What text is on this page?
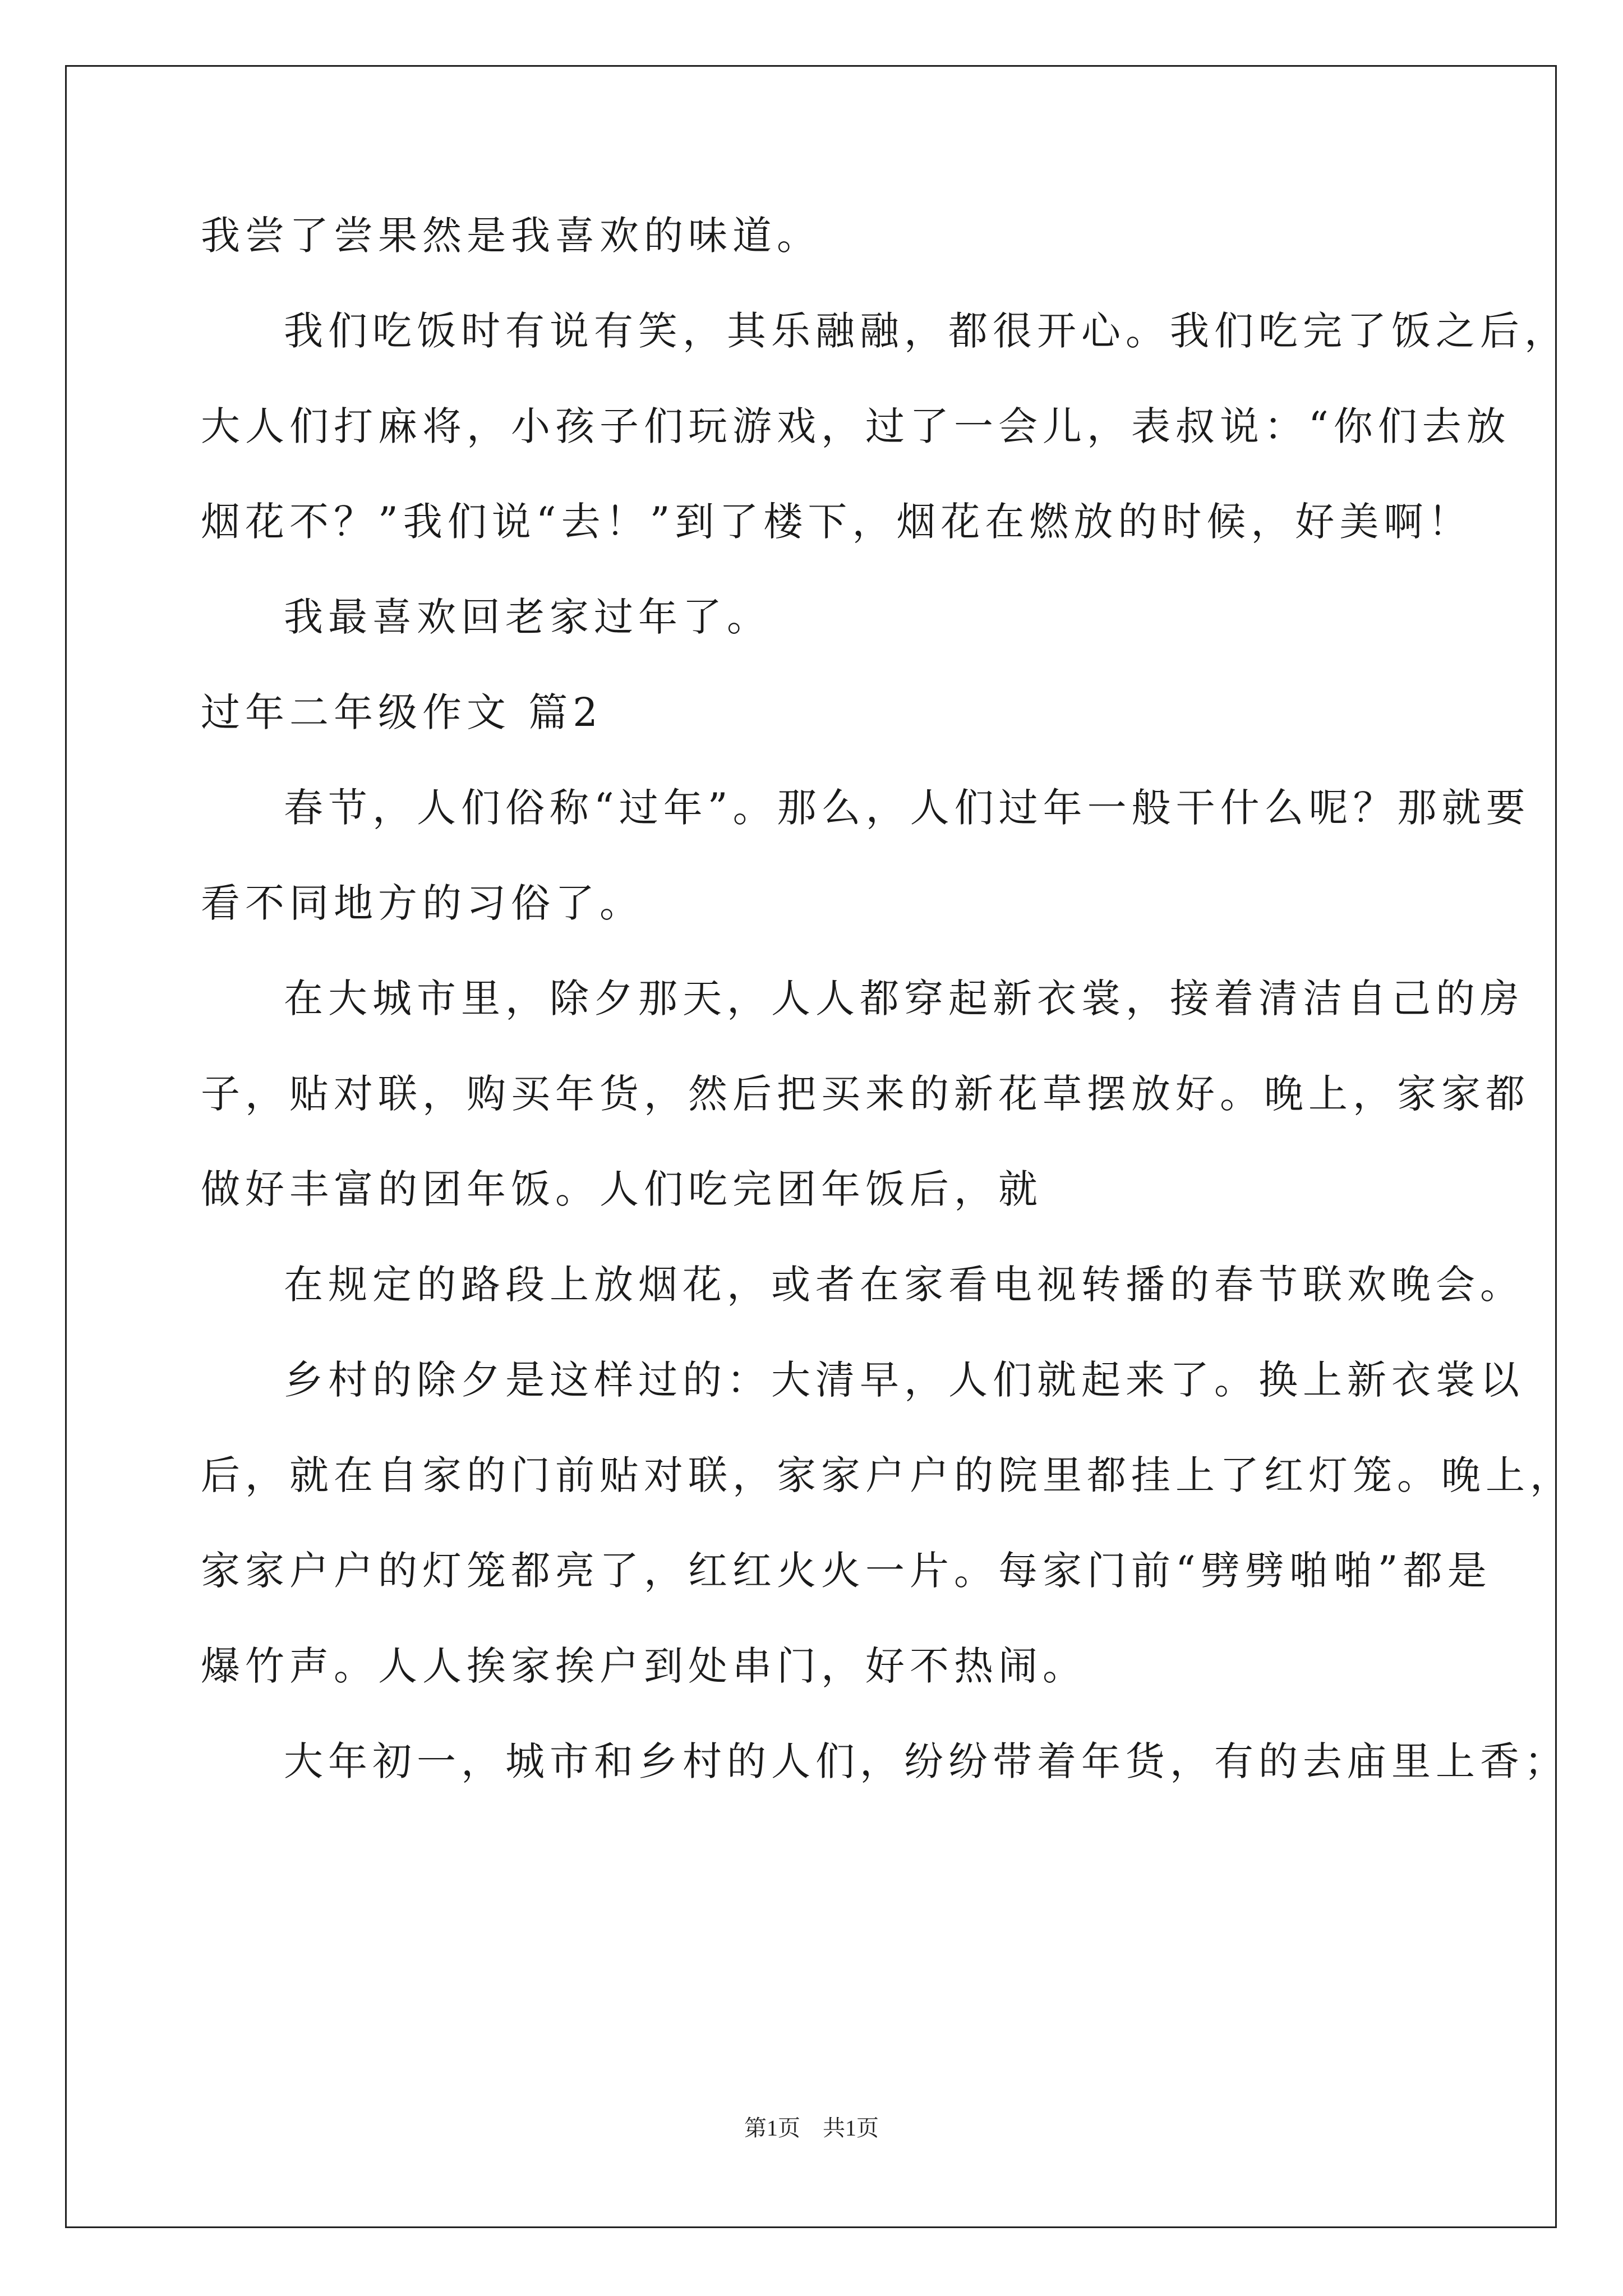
我尝了尝果然是我喜欢的味道。
我们吃饭时有说有笑，其乐融融，都很开心。我们吃完了饭之后，
大人们打麻将，小孩子们玩游戏，过了一会儿，表叔说：“你们去放
烟花不？”我们说“去！”到了楼下，烟花在燃放的时候，好美啊！
我最喜欢回老家过年了。
过年二年级作文 篇2
春节，人们俗称“过年”。那么，人们过年一般干什么呢？那就要
看不同地方的习俗了。
在大城市里，除夕那天，人人都穿起新衣裳，接着清洁自己的房
子，贴对联，购买年货，然后把买来的新花草摆放好。晚上，家家都
做好丰富的团年饭。人们吃完团年饭后，就
在规定的路段上放烟花，或者在家看电视转播的春节联欢晚会。
乡村的除夕是这样过的：大清早，人们就起来了。换上新衣裳以
后，就在自家的门前贴对联，家家户户的院里都挂上了红灯笼。晚上，
家家户户的灯笼都亮了，红红火火一片。每家门前“劈劈啪啪”都是
爆竹声。人人挨家挨户到处串门，好不热闹。
大年初一，城市和乡村的人们，纷纷带着年货，有的去庙里上香；
第1页　共1页
